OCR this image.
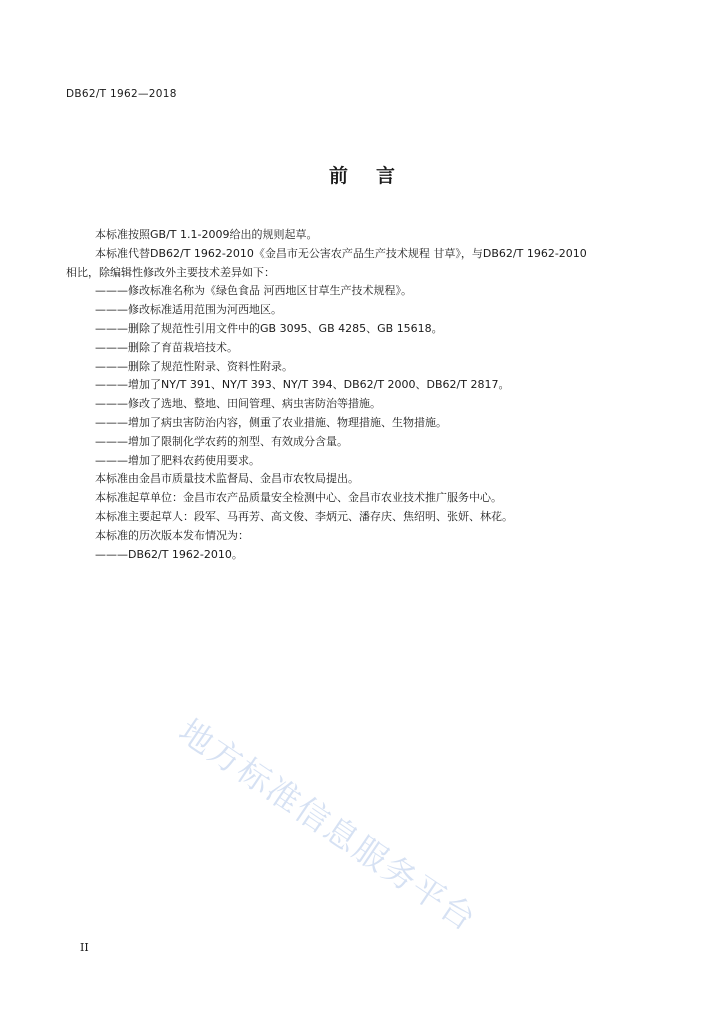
DB62/T 1962—2018
前言

本标准按照GB/T 1.1-2009给出的规则起草。

本标准代替DB62/T 1962-2010《金昌市无公害农产品生产技术规程 甘草》，与DB62/T 1962-2010

相比，除编辑性修改外主要技术差异如下：

———修改标准名称为《绿色食品 河西地区甘草生产技术规程》。

———修改标准适用范围为河西地区。

———删除了规范性引用文件中的GB 3095、GB 4285、GB 15618。

———删除了育苗栽培技术。

———删除了规范性附录、资料性附录。

———增加了NY/T 391、NY/T 393、NY/T 394、DB62/T 2000、DB62/T 2817。

———修改了选地、整地、田间管理、病虫害防治等措施。

———增加了病虫害防治内容，侧重了农业措施、物理措施、生物措施。

———增加了限制化学农药的剂型、有效成分含量。

———增加了肥料农药使用要求。

本标准由金昌市质量技术监督局、金昌市农牧局提出。

本标准起草单位：金昌市农产品质量安全检测中心、金昌市农业技术推广服务中心。

本标准主要起草人：段军、马再芳、高文俊、李炳元、潘存庆、焦绍明、张妍、林花。

本标准的历次版本发布情况为：

———DB62/T 1962-2010。

地方标准信息服务平台
II
